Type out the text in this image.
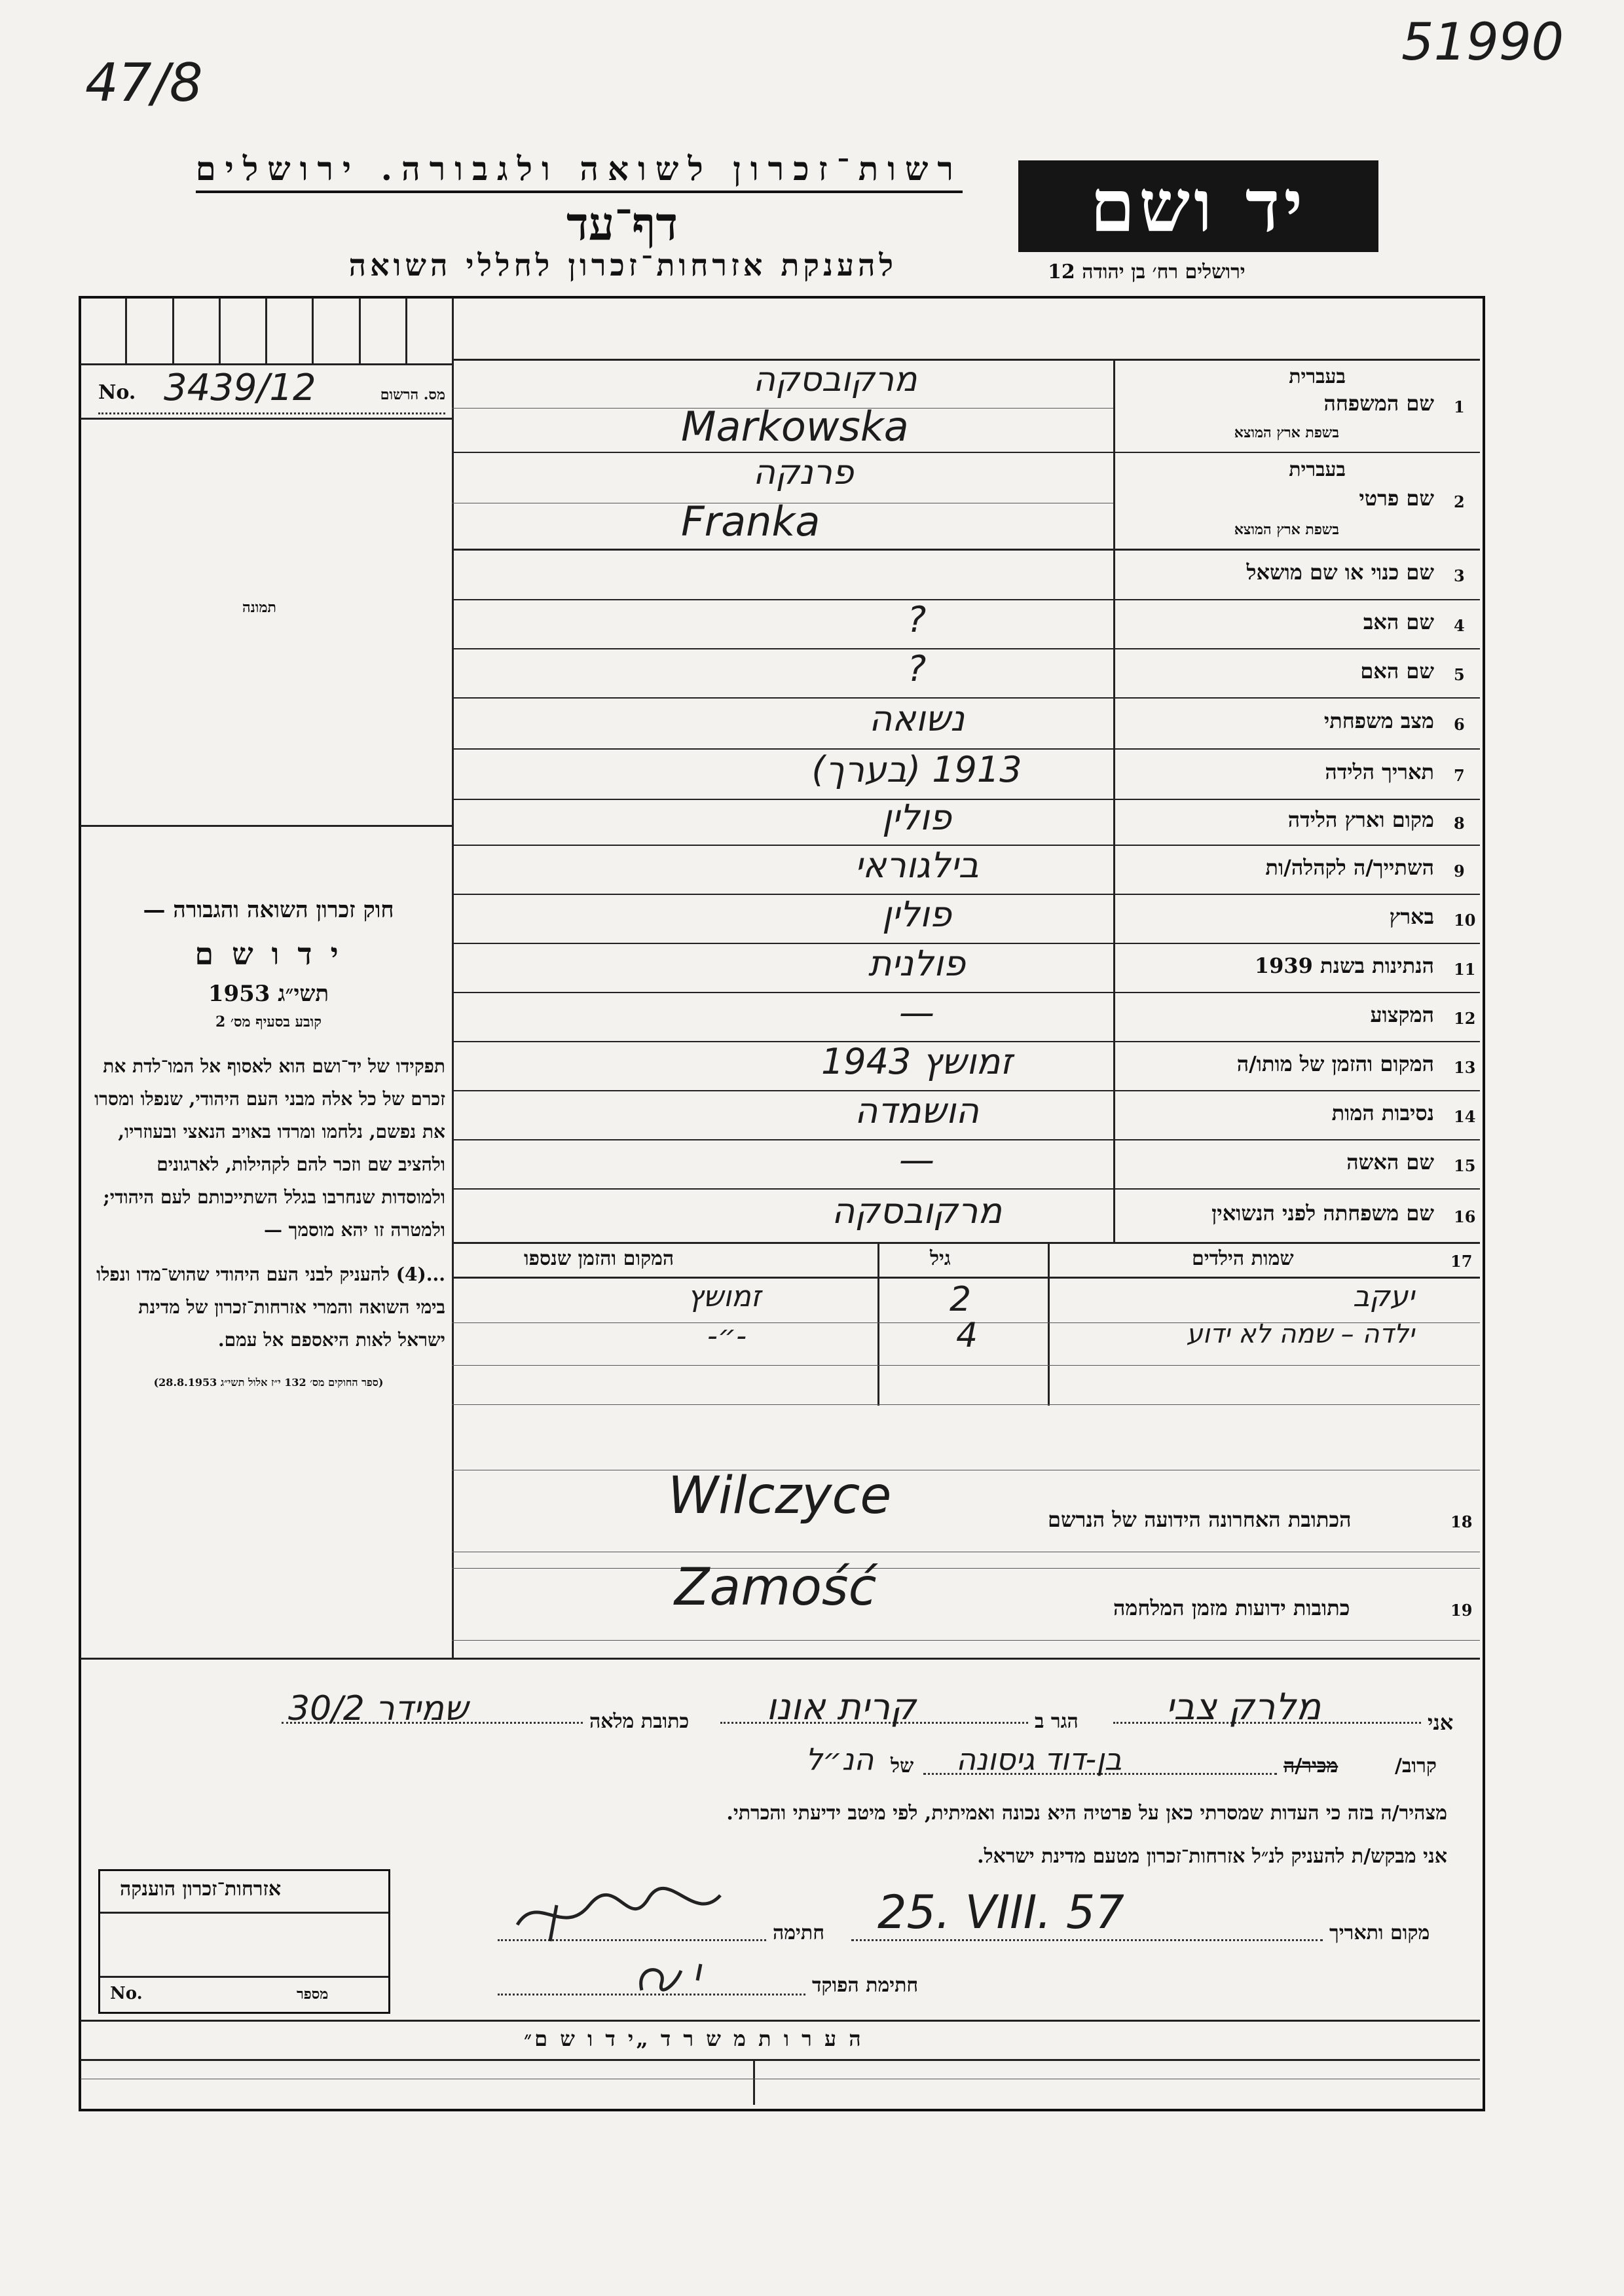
47/8
51990
רשות־זכרון לשואה ולגבורה. ירושלים
דף־עד
להענקת אזרחות־זכרון לחללי השואה
יד ושם
ירושלים רח׳ בן יהודה 12
No. 3439/12	מס. הרשום
תמונה
חוק זכרון השואה והגבורה —
י ד ו ש ם
תשי״ג 1953
קובע בסעיף מס׳ 2
תפקידו של יד־ושם הוא לאסוף אל המו־לדת את זכרם של כל אלה מבני העם היהודי, שנפלו ומסרו את נפשם, נלחמו ומרדו באויב הנאצי ובעוזריו, ולהציב שם וזכר להם לקהילות, לארגונים ולמוסדות שנחרבו בגלל השתייכותם לעם היהודי; ולמטרה זו יהא מוסמך —
...(4) להעניק לבני העם היהודי שהוש־מדו ונפלו בימי השואה והמרי אזרחות־זכרון של מדינת ישראל לאות היאספם אל עמם.
(ספר החוקים מס׳ 132 י״ז אלול תשי״ג 28.8.1953)
1
שם המשפחה
בעברית
בשפת ארץ המוצא
מרקובסקה
Markowska
2
שם פרטי
בעברית
בשפת ארץ המוצא
פרנקה
Franka
3
שם כנוי או שם מושאל
4
שם האב
?
5
שם האם
?
6
מצב משפחתי
נשואה
7
תאריך הלידה
1913 (בערך)
8
מקום וארץ הלידה
פולין
9
השתייך/ה לקהלה/ות
בילגוראי
10
בארץ
פולין
11
הנתינות בשנת 1939
פולנית
12
המקצוע
—
13
המקום והזמן של מותו/ה
זמושץ 1943
14
נסיבות המות
הושמדה
15
שם האשה
—
16
שם משפחתה לפני הנשואין
מרקובסקה
17
שמות הילדים
גיל
המקום והזמן שנספו
יעקב
2
זמושץ
ילדה – שמה לא ידוע
4
-״-
18
הכתובת האחרונה הידועה של הנרשם
Wilczyce
19
כתובות ידועות מזמן המלחמה
Zamość
אני
מלרק צבי
הגר ב
קרית אונו
כתובת מלאה
שמידר 30/2
קרוב/
מכיר/ה
בן-דוד גיסונה
של
הנ״ל
מצהיר/ה בזה כי העדות שמסרתי כאן על פרטיה היא נכונה ואמיתית, לפי מיטב ידיעתי והכרתי.
אני מבקש/ת להעניק לנ״ל אזרחות־זכרון מטעם מדינת ישראל.
מקום ותאריך
25. VIII. 57
חתימה
חתימת הפוקד
אזרחות־זכרון הוענקה
No.	מספר
ה ע ר ו ת מ ש ר ד „י ד ו ש ם״
